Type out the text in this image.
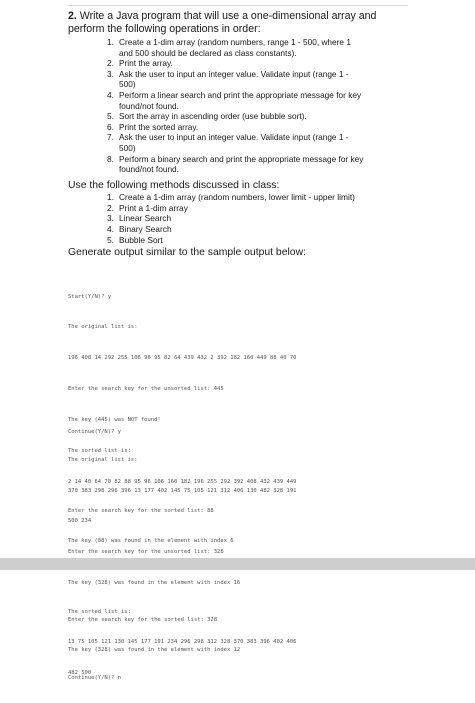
2. Write a Java program that will use a one-dimensional array and
perform the following operations in order:
1. Create a 1-dim array (random numbers, range 1 - 500, where 1
and 500 should be declared as class constants).
2. Print the array.
3. Ask the user to input an integer value. Validate input (range 1 -
500)
4. Perform a linear search and print the appropriate message for key
found/not found.
5. Sort the array in ascending order (use bubble sort).
6. Print the sorted array.
7. Ask the user to input an integer value. Validate input (range 1 -
500)
8. Perform a binary search and print the appropriate message for key
found/not found.
Use the following methods discussed in class:
1. Create a 1-dim array (random numbers, lower limit - upper limit)
2. Print a 1-dim array
3. Linear Search
4. Binary Search
5. Bubble Sort
Generate output similar to the sample output below:

Start(Y/N)? y

The original list is:

196 408 14 292 255 106 96 95 82 64 439 432 2 392 182 160 449 88 40 70

Enter the search key for the unsorted list: 445

The key (445) was NOT found!

The sorted list is:

2 14 40 64 70 82 88 95 96 106 160 182 196 255 292 392 408 432 439 449

Enter the search key for the sorted list: 88

The key (88) was found in the element with index 6

Continue(Y/N)? y

The original list is:

370 383 298 296 396 13 177 402 145 75 105 121 312 406 130 482 328 191

500 234

Enter the search key for the unsorted list: 328

The key (328) was found in the element with index 16

The sorted list is:

13 75 105 121 130 145 177 191 234 296 298 312 328 370 383 396 402 406

482 500

Enter the search key for the sorted list: 328

The key (328) was found in the element with index 12

Continue(Y/N)? n
